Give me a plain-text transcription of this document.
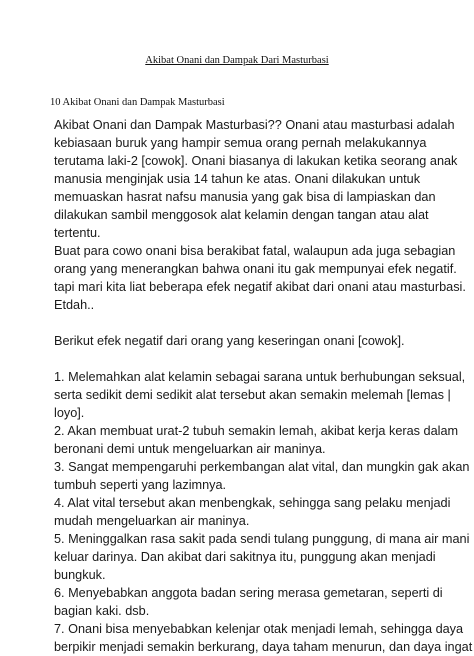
Akibat Onani dan Dampak Dari Masturbasi
10 Akibat Onani dan Dampak Masturbasi
Akibat Onani dan Dampak Masturbasi?? Onani atau masturbasi adalah
kebiasaan buruk yang hampir semua orang pernah melakukannya
terutama laki-2 [cowok]. Onani biasanya di lakukan ketika seorang anak
manusia menginjak usia 14 tahun ke atas. Onani dilakukan untuk
memuaskan hasrat nafsu manusia yang gak bisa di lampiaskan dan
dilakukan sambil menggosok alat kelamin dengan tangan atau alat
tertentu.
Buat para cowo onani bisa berakibat fatal, walaupun ada juga sebagian
orang yang menerangkan bahwa onani itu gak mempunyai efek negatif.
tapi mari kita liat beberapa efek negatif akibat dari onani atau masturbasi.
Etdah..
Berikut efek negatif dari orang yang keseringan onani [cowok].
1. Melemahkan alat kelamin sebagai sarana untuk berhubungan seksual,
serta sedikit demi sedikit alat tersebut akan semakin melemah [lemas |
loyo].
2. Akan membuat urat-2 tubuh semakin lemah, akibat kerja keras dalam
beronani demi untuk mengeluarkan air maninya.
3. Sangat mempengaruhi perkembangan alat vital, dan mungkin gak akan
tumbuh seperti yang lazimnya.
4. Alat vital tersebut akan menbengkak, sehingga sang pelaku menjadi
mudah mengeluarkan air maninya.
5. Meninggalkan rasa sakit pada sendi tulang punggung, di mana air mani
keluar darinya. Dan akibat dari sakitnya itu, punggung akan menjadi
bungkuk.
6. Menyebabkan anggota badan sering merasa gemetaran, seperti di
bagian kaki. dsb.
7. Onani bisa menyebabkan kelenjar otak menjadi lemah, sehingga daya
berpikir menjadi semakin berkurang, daya taham menurun, dan daya ingat
